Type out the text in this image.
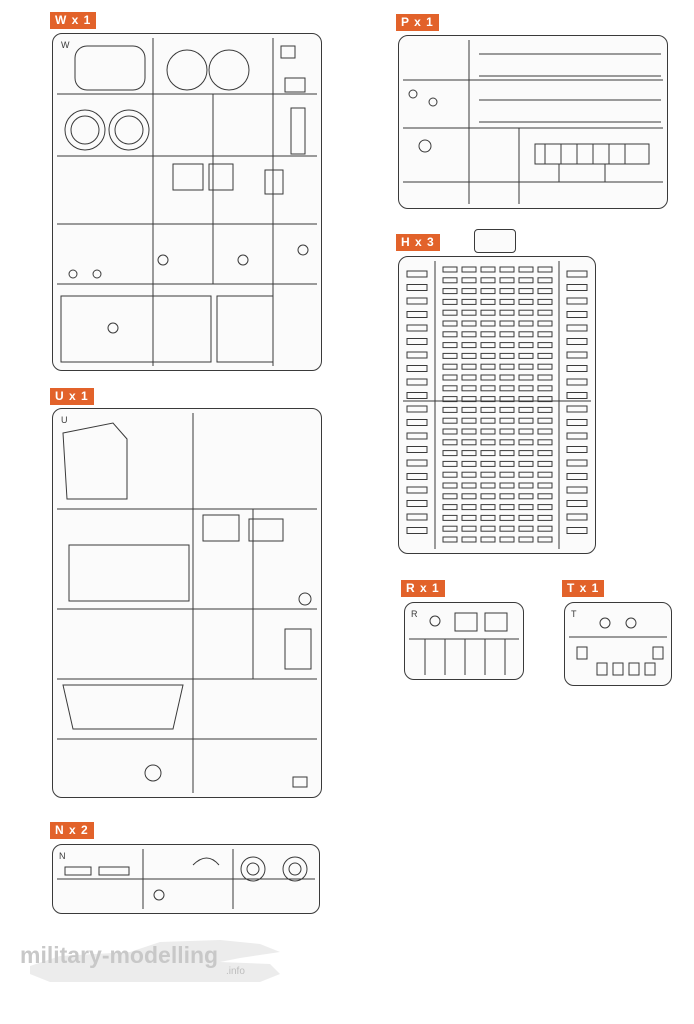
W x 1	P x 1
H x 3
U x 1
R x 1	T x 1
N x 2
W
U
R	T
N
military-modelling
.info
